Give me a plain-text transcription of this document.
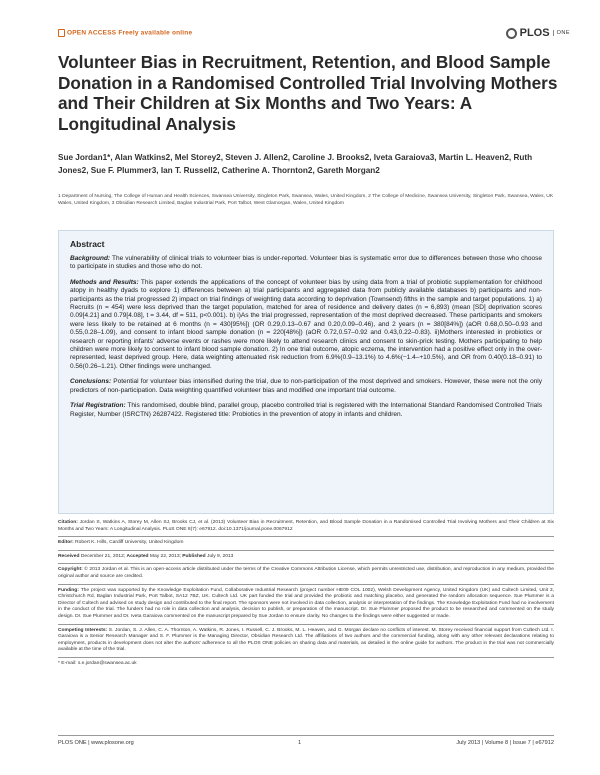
OPEN ACCESS Freely available online	PLOS	ONE
Volunteer Bias in Recruitment, Retention, and Blood Sample Donation in a Randomised Controlled Trial Involving Mothers and Their Children at Six Months and Two Years: A Longitudinal Analysis
Sue Jordan1*, Alan Watkins2, Mel Storey2, Steven J. Allen2, Caroline J. Brooks2, Iveta Garaiova3, Martin L. Heaven2, Ruth Jones2, Sue F. Plummer3, Ian T. Russell2, Catherine A. Thornton2, Gareth Morgan2
1 Department of Nursing, The College of Human and Health Sciences, Swansea University, Singleton Park, Swansea, Wales, United Kingdom, 2 The College of Medicine, Swansea University, Singleton Park, Swansea, Wales, UK Wales, United Kingdom, 3 Obsidian Research Limited, Baglan Industrial Park, Port Talbot, West Glamorgan, Wales, United Kingdom
Abstract

Background: The vulnerability of clinical trials to volunteer bias is under-reported. Volunteer bias is systematic error due to differences between those who choose to participate in studies and those who do not.

Methods and Results: This paper extends the applications of the concept of volunteer bias by using data from a trial of probiotic supplementation for childhood atopy in healthy dyads to explore 1) differences between a) trial participants and aggregated data from publicly available databases b) participants and non-participants as the trial progressed 2) impact on trial findings of weighting data according to deprivation (Townsend) fifths in the sample and target populations. 1) a) Recruits (n = 454) were less deprived than the target population, matched for area of residence and delivery dates (n = 6,893) (mean [SD] deprivation scores 0.09[4.21] and 0.79[4.08], t = 3.44, df = 511, p<0.001). b) i)As the trial progressed, representation of the most deprived decreased. These participants and smokers were less likely to be retained at 6 months (n = 430[95%]) (OR 0.29,0.13–0.67 and 0.20,0.09–0.46), and 2 years (n = 380[84%]) (aOR 0.68,0.50–0.93 and 0.55,0.28–1.09), and consent to infant blood sample donation (n = 220[48%]) (aOR 0.72,0.57–0.92 and 0.43,0.22–0.83). ii)Mothers interested in probiotics or research or reporting infants' adverse events or rashes were more likely to attend research clinics and consent to skin-prick testing. Mothers participating to help children were more likely to consent to infant blood sample donation. 2) In one trial outcome, atopic eczema, the intervention had a positive effect only in the over-represented, least deprived group. Here, data weighting attenuated risk reduction from 6.9%(0.9–13.1%) to 4.6%(−1.4–+10.5%), and OR from 0.40(0.18–0.91) to 0.56(0.26–1.21). Other findings were unchanged.

Conclusions: Potential for volunteer bias intensified during the trial, due to non-participation of the most deprived and smokers. However, these were not the only predictors of non-participation. Data weighting quantified volunteer bias and modified one important trial outcome.

Trial Registration: This randomised, double blind, parallel group, placebo controlled trial is registered with the International Standard Randomised Controlled Trials Register, Number (ISRCTN) 26287422. Registered title: Probiotics in the prevention of atopy in infants and children.

Citation: Jordan S, Watkins A, Storey M, Allen SJ, Brooks CJ, et al. (2013) Volunteer Bias in Recruitment, Retention, and Blood Sample Donation in a Randomised Controlled Trial Involving Mothers and Their Children at Six Months and Two Years: A Longitudinal Analysis. PLoS ONE 8(7): e67912. doi:10.1371/journal.pone.0067912

Editor: Robert K. Hills, Cardiff University, United Kingdom

Received December 21, 2012; Accepted May 22, 2013; Published July 9, 2013

Copyright: © 2013 Jordan et al. This is an open-access article distributed under the terms of the Creative Commons Attribution License, which permits unrestricted use, distribution, and reproduction in any medium, provided the original author and source are credited.

Funding: The project was supported by the Knowledge Exploitation Fund, Collaborative Industrial Research (project number HE09 COL 1002), Welsh Development Agency, United Kingdom (UK) and Cultech Limited, Unit 3, Christchurch Rd, Baglan Industrial Park, Port Talbot, SA12 7BZ, UK. Cultech Ltd. UK part funded the trial and provided the probiotic and matching placebo, and generated the random allocation sequence. Sue Plummer is a Director of Cultech and advised on study design and contributed to the final report. The sponsors were not involved in data collection, analysis or interpretation of the findings. The Knowledge Exploitation Fund had no involvement in the conduct of the trial. The funders had no role in data collection and analysis, decision to publish, or preparation of the manuscript. Dr. Sue Plummer proposed the product to be researched and commented on the study design. Dr. Sue Plummer and Dr. Iveta Garaiova commented on the manuscript prepared by Sue Jordan to ensure clarity. No changes to the findings were either suggested or made.

Competing Interests: S. Jordan, S. J. Allen, C. A. Thornton, A. Watkins, R. Jones, I. Russell, C. J. Brooks, M. L. Heaven, and G. Morgan declare no conflicts of interest. M. Storey received financial support from Cultech Ltd. I. Garaiova is a Senior Research Manager and S. F. Plummer is the Managing Director, Obsidian Research Ltd. The affiliations of two authors and the commercial funding, along with any other relevant declarations relating to employment, products in development does not alter the authors' adherence to all the PLOS ONE policies on sharing data and materials, as detailed in the online guide for authors. The product in the trial was not commercially available at the time of the trial.

* E-mail: s.e.jordan@swansea.ac.uk

PLOS ONE | www.plosone.org	1	July 2013 | Volume 8 | Issue 7 | e67912
